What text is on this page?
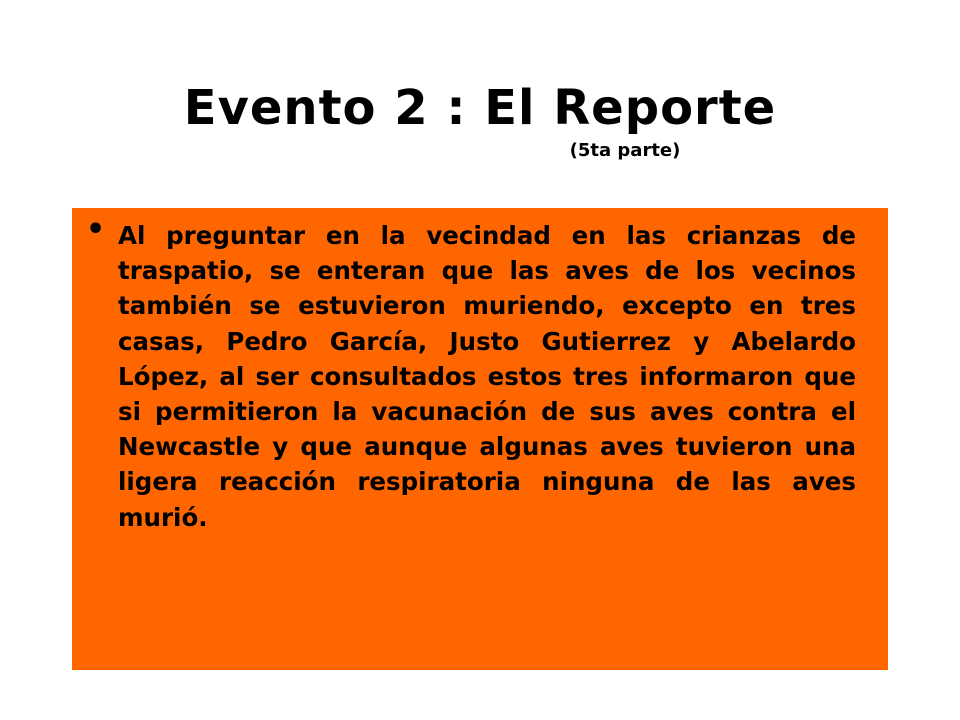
Evento 2 : El Reporte
(5ta parte)
• Al preguntar en la vecindad en las crianzas de traspatio, se enteran que las aves de los vecinos también se estuvieron muriendo, excepto en tres casas, Pedro García, Justo Gutierrez y Abelardo López, al ser consultados estos tres informaron que si permitieron la vacunación de sus aves contra el Newcastle y que aunque algunas aves tuvieron una ligera reacción respiratoria ninguna de las aves murió.
